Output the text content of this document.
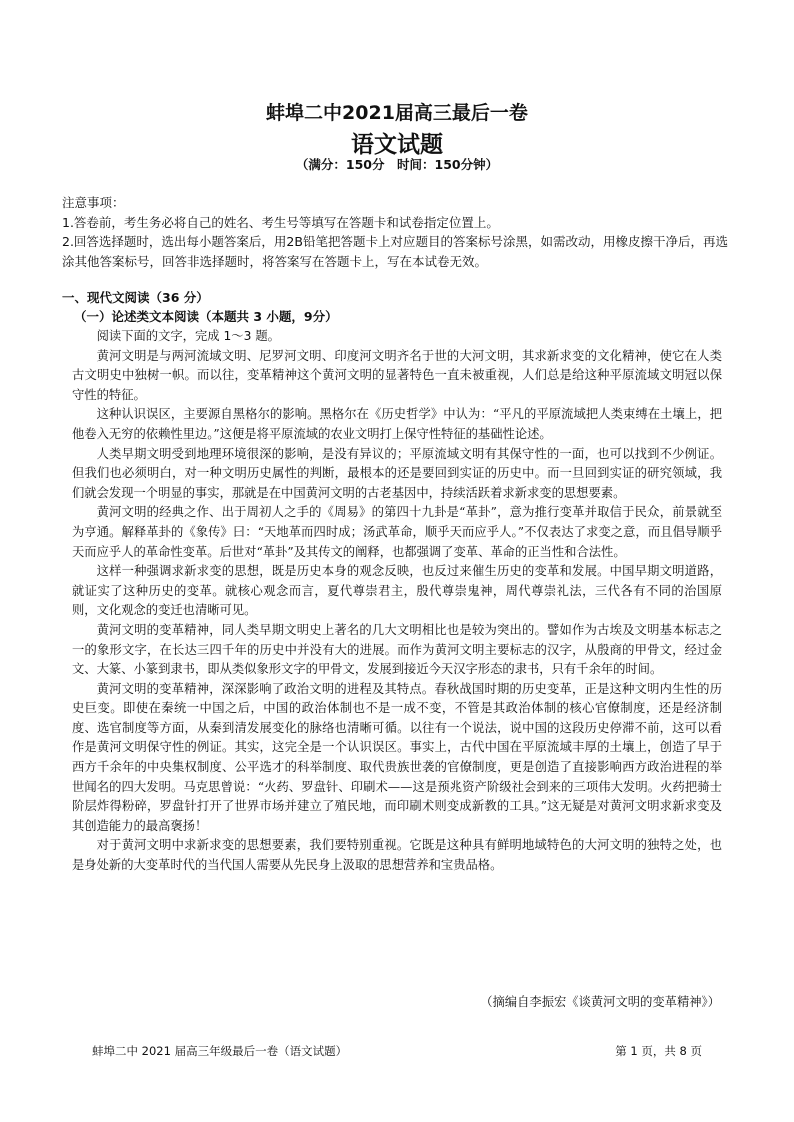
蚌埠二中2021届高三最后一卷
语文试题
（满分：150分　时间：150分钟）
注意事项：
1.答卷前，考生务必将自己的姓名、考生号等填写在答题卡和试卷指定位置上。
2.回答选择题时，选出每小题答案后，用2B铅笔把答题卡上对应题目的答案标号涂黑，如需改动，用橡皮擦干净后，再选涂其他答案标号，回答非选择题时，将答案写在答题卡上，写在本试卷无效。
一、现代文阅读（36 分）
（一）论述类文本阅读（本题共 3 小题，9分）

阅读下面的文字，完成 1～3 题。

黄河文明是与两河流域文明、尼罗河文明、印度河文明齐名于世的大河文明，其求新求变的文化精神，使它在人类古文明史中独树一帜。而以往，变革精神这个黄河文明的显著特色一直未被重视，人们总是给这种平原流域文明冠以保守性的特征。

这种认识误区，主要源自黑格尔的影响。黑格尔在《历史哲学》中认为：“平凡的平原流域把人类束缚在土壤上，把他卷入无穷的依赖性里边。”这便是将平原流域的农业文明打上保守性特征的基础性论述。

人类早期文明受到地理环境很深的影响，是没有异议的；平原流域文明有其保守性的一面，也可以找到不少例证。但我们也必须明白，对一种文明历史属性的判断，最根本的还是要回到实证的历史中。而一旦回到实证的研究领域，我们就会发现一个明显的事实，那就是在中国黄河文明的古老基因中，持续活跃着求新求变的思想要素。

黄河文明的经典之作、出于周初人之手的《周易》的第四十九卦是“革卦”，意为推行变革并取信于民众，前景就至为亨通。解释革卦的《象传》曰：“天地革而四时成；汤武革命，顺乎天而应乎人。”不仅表达了求变之意，而且倡导顺乎天而应乎人的革命性变革。后世对“革卦”及其传文的阐释，也都强调了变革、革命的正当性和合法性。

这样一种强调求新求变的思想，既是历史本身的观念反映，也反过来催生历史的变革和发展。中国早期文明道路，就证实了这种历史的变革。就核心观念而言，夏代尊崇君主，殷代尊崇鬼神，周代尊崇礼法，三代各有不同的治国原则，文化观念的变迁也清晰可见。

黄河文明的变革精神，同人类早期文明史上著名的几大文明相比也是较为突出的。譬如作为古埃及文明基本标志之一的象形文字，在长达三四千年的历史中并没有大的进展。而作为黄河文明主要标志的汉字，从殷商的甲骨文，经过金文、大篆、小篆到隶书，即从类似象形文字的甲骨文，发展到接近今天汉字形态的隶书，只有千余年的时间。

黄河文明的变革精神，深深影响了政治文明的进程及其特点。春秋战国时期的历史变革，正是这种文明内生性的历史巨变。即使在秦统一中国之后，中国的政治体制也不是一成不变，不管是其政治体制的核心官僚制度，还是经济制度、选官制度等方面，从秦到清发展变化的脉络也清晰可循。以往有一个说法，说中国的这段历史停滞不前，这可以看作是黄河文明保守性的例证。其实，这完全是一个认识误区。事实上，古代中国在平原流域丰厚的土壤上，创造了早于西方千余年的中央集权制度、公平选才的科举制度、取代贵族世袭的官僚制度，更是创造了直接影响西方政治进程的举世闻名的四大发明。马克思曾说：“火药、罗盘针、印刷术——这是预兆资产阶级社会到来的三项伟大发明。火药把骑士阶层炸得粉碎，罗盘针打开了世界市场并建立了殖民地，而印刷术则变成新教的工具。”这无疑是对黄河文明求新求变及其创造能力的最高褒扬！

对于黄河文明中求新求变的思想要素，我们要特别重视。它既是这种具有鲜明地域特色的大河文明的独特之处，也是身处新的大变革时代的当代国人需要从先民身上汲取的思想营养和宝贵品格。

（摘编自李振宏《谈黄河文明的变革精神》）
蚌埠二中 2021 届高三年级最后一卷（语文试题）	第 1 页，共 8 页
